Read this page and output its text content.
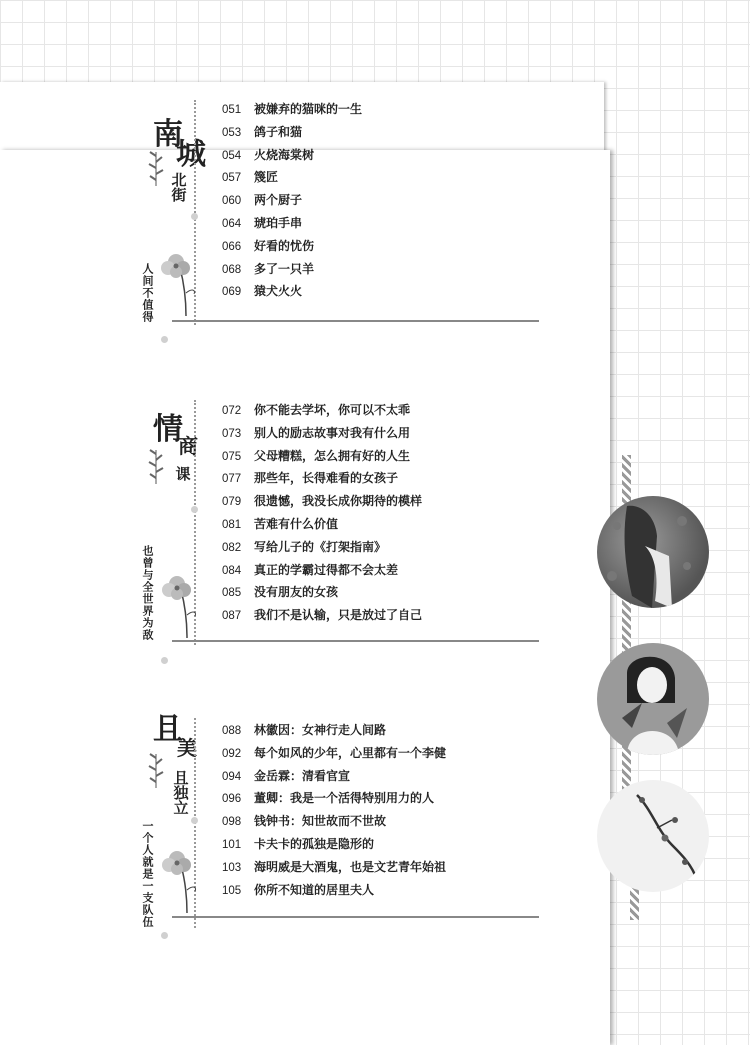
南
城
北街
人间不值得
051 被嫌弃的猫咪的一生
053 鸽子和猫
054 火烧海棠树
057 篾匠
060 两个厨子
064 琥珀手串
066 好看的忧伤
068 多了一只羊
069 猿犬火火
情
商
课
也曾与全世界为敌
072 你不能去学坏，你可以不太乖
073 别人的励志故事对我有什么用
075 父母糟糕，怎么拥有好的人生
077 那些年，长得难看的女孩子
079 很遗憾，我没长成你期待的模样
081 苦难有什么价值
082 写给儿子的《打架指南》
084 真正的学霸过得都不会太差
085 没有朋友的女孩
087 我们不是认输，只是放过了自己
且
美
且独立
一个人就是一支队伍
088 林徽因：女神行走人间路
092 每个如风的少年，心里都有一个李健
094 金岳霖：清看官宣
096 董卿：我是一个活得特别用力的人
098 钱钟书：知世故而不世故
101 卡夫卡的孤独是隐形的
103 海明威是大酒鬼，也是文艺青年始祖
105 你所不知道的居里夫人
